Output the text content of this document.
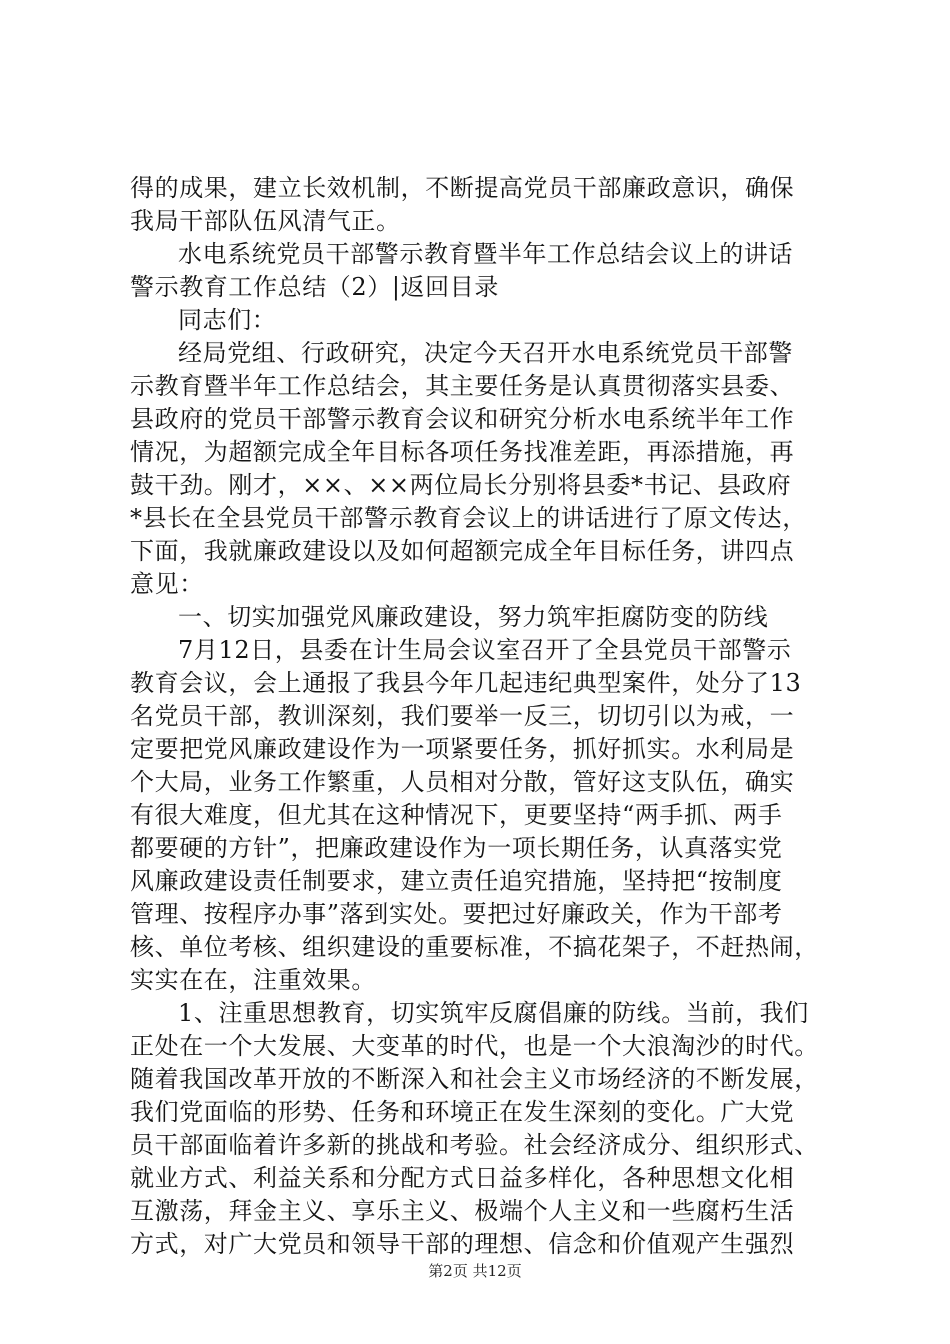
得的成果，建立长效机制，不断提高党员干部廉政意识，确保
我局干部队伍风清气正。
水电系统党员干部警示教育暨半年工作总结会议上的讲话
警示教育工作总结（2）|返回目录
同志们：
经局党组、行政研究，决定今天召开水电系统党员干部警
示教育暨半年工作总结会，其主要任务是认真贯彻落实县委、
县政府的党员干部警示教育会议和研究分析水电系统半年工作
情况，为超额完成全年目标各项任务找准差距，再添措施，再
鼓干劲。刚才，××、××两位局长分别将县委*书记、县政府
*县长在全县党员干部警示教育会议上的讲话进行了原文传达，
下面，我就廉政建设以及如何超额完成全年目标任务，讲四点
意见：
一、切实加强党风廉政建设，努力筑牢拒腐防变的防线
7月12日，县委在计生局会议室召开了全县党员干部警示
教育会议，会上通报了我县今年几起违纪典型案件，处分了13
名党员干部，教训深刻，我们要举一反三，切切引以为戒，一
定要把党风廉政建设作为一项紧要任务，抓好抓实。水利局是
个大局，业务工作繁重，人员相对分散，管好这支队伍，确实
有很大难度，但尤其在这种情况下，更要坚持“两手抓、两手
都要硬的方针”，把廉政建设作为一项长期任务，认真落实党
风廉政建设责任制要求，建立责任追究措施，坚持把“按制度
管理、按程序办事”落到实处。要把过好廉政关，作为干部考
核、单位考核、组织建设的重要标准，不搞花架子，不赶热闹，
实实在在，注重效果。
1、注重思想教育，切实筑牢反腐倡廉的防线。当前，我们
正处在一个大发展、大变革的时代，也是一个大浪淘沙的时代。
随着我国改革开放的不断深入和社会主义市场经济的不断发展，
我们党面临的形势、任务和环境正在发生深刻的变化。广大党
员干部面临着许多新的挑战和考验。社会经济成分、组织形式、
就业方式、利益关系和分配方式日益多样化，各种思想文化相
互激荡，拜金主义、享乐主义、极端个人主义和一些腐朽生活
方式，对广大党员和领导干部的理想、信念和价值观产生强烈
第2页 共12页
